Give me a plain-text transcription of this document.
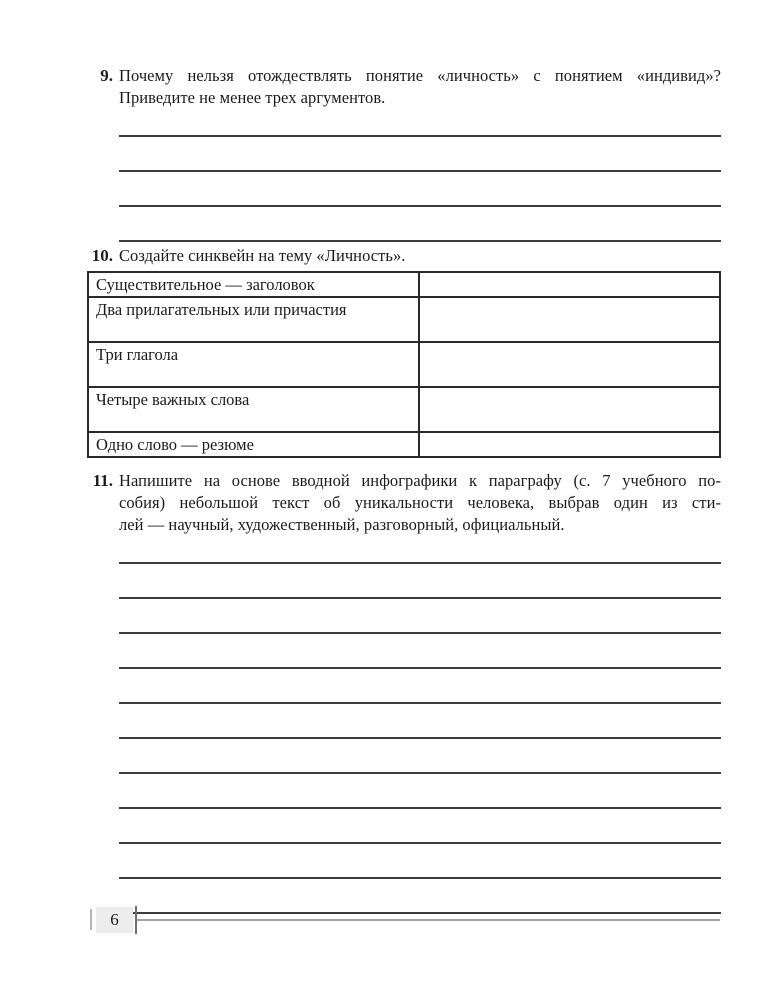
9. Почему нельзя отождествлять понятие «личность» с понятием «индивид»?
Приведите не менее трех аргументов.
10. Создайте синквейн на тему «Личность».
Существительное — заголовок	
Два прилагательных или причастия	
Три глагола	
Четыре важных слова	
Одно слово — резюме	
11. Напишите на основе вводной инфографики к параграфу (с. 7 учебного по-
собия) небольшой текст об уникальности человека, выбрав один из сти-
лей — научный, художественный, разговорный, официальный.
6
